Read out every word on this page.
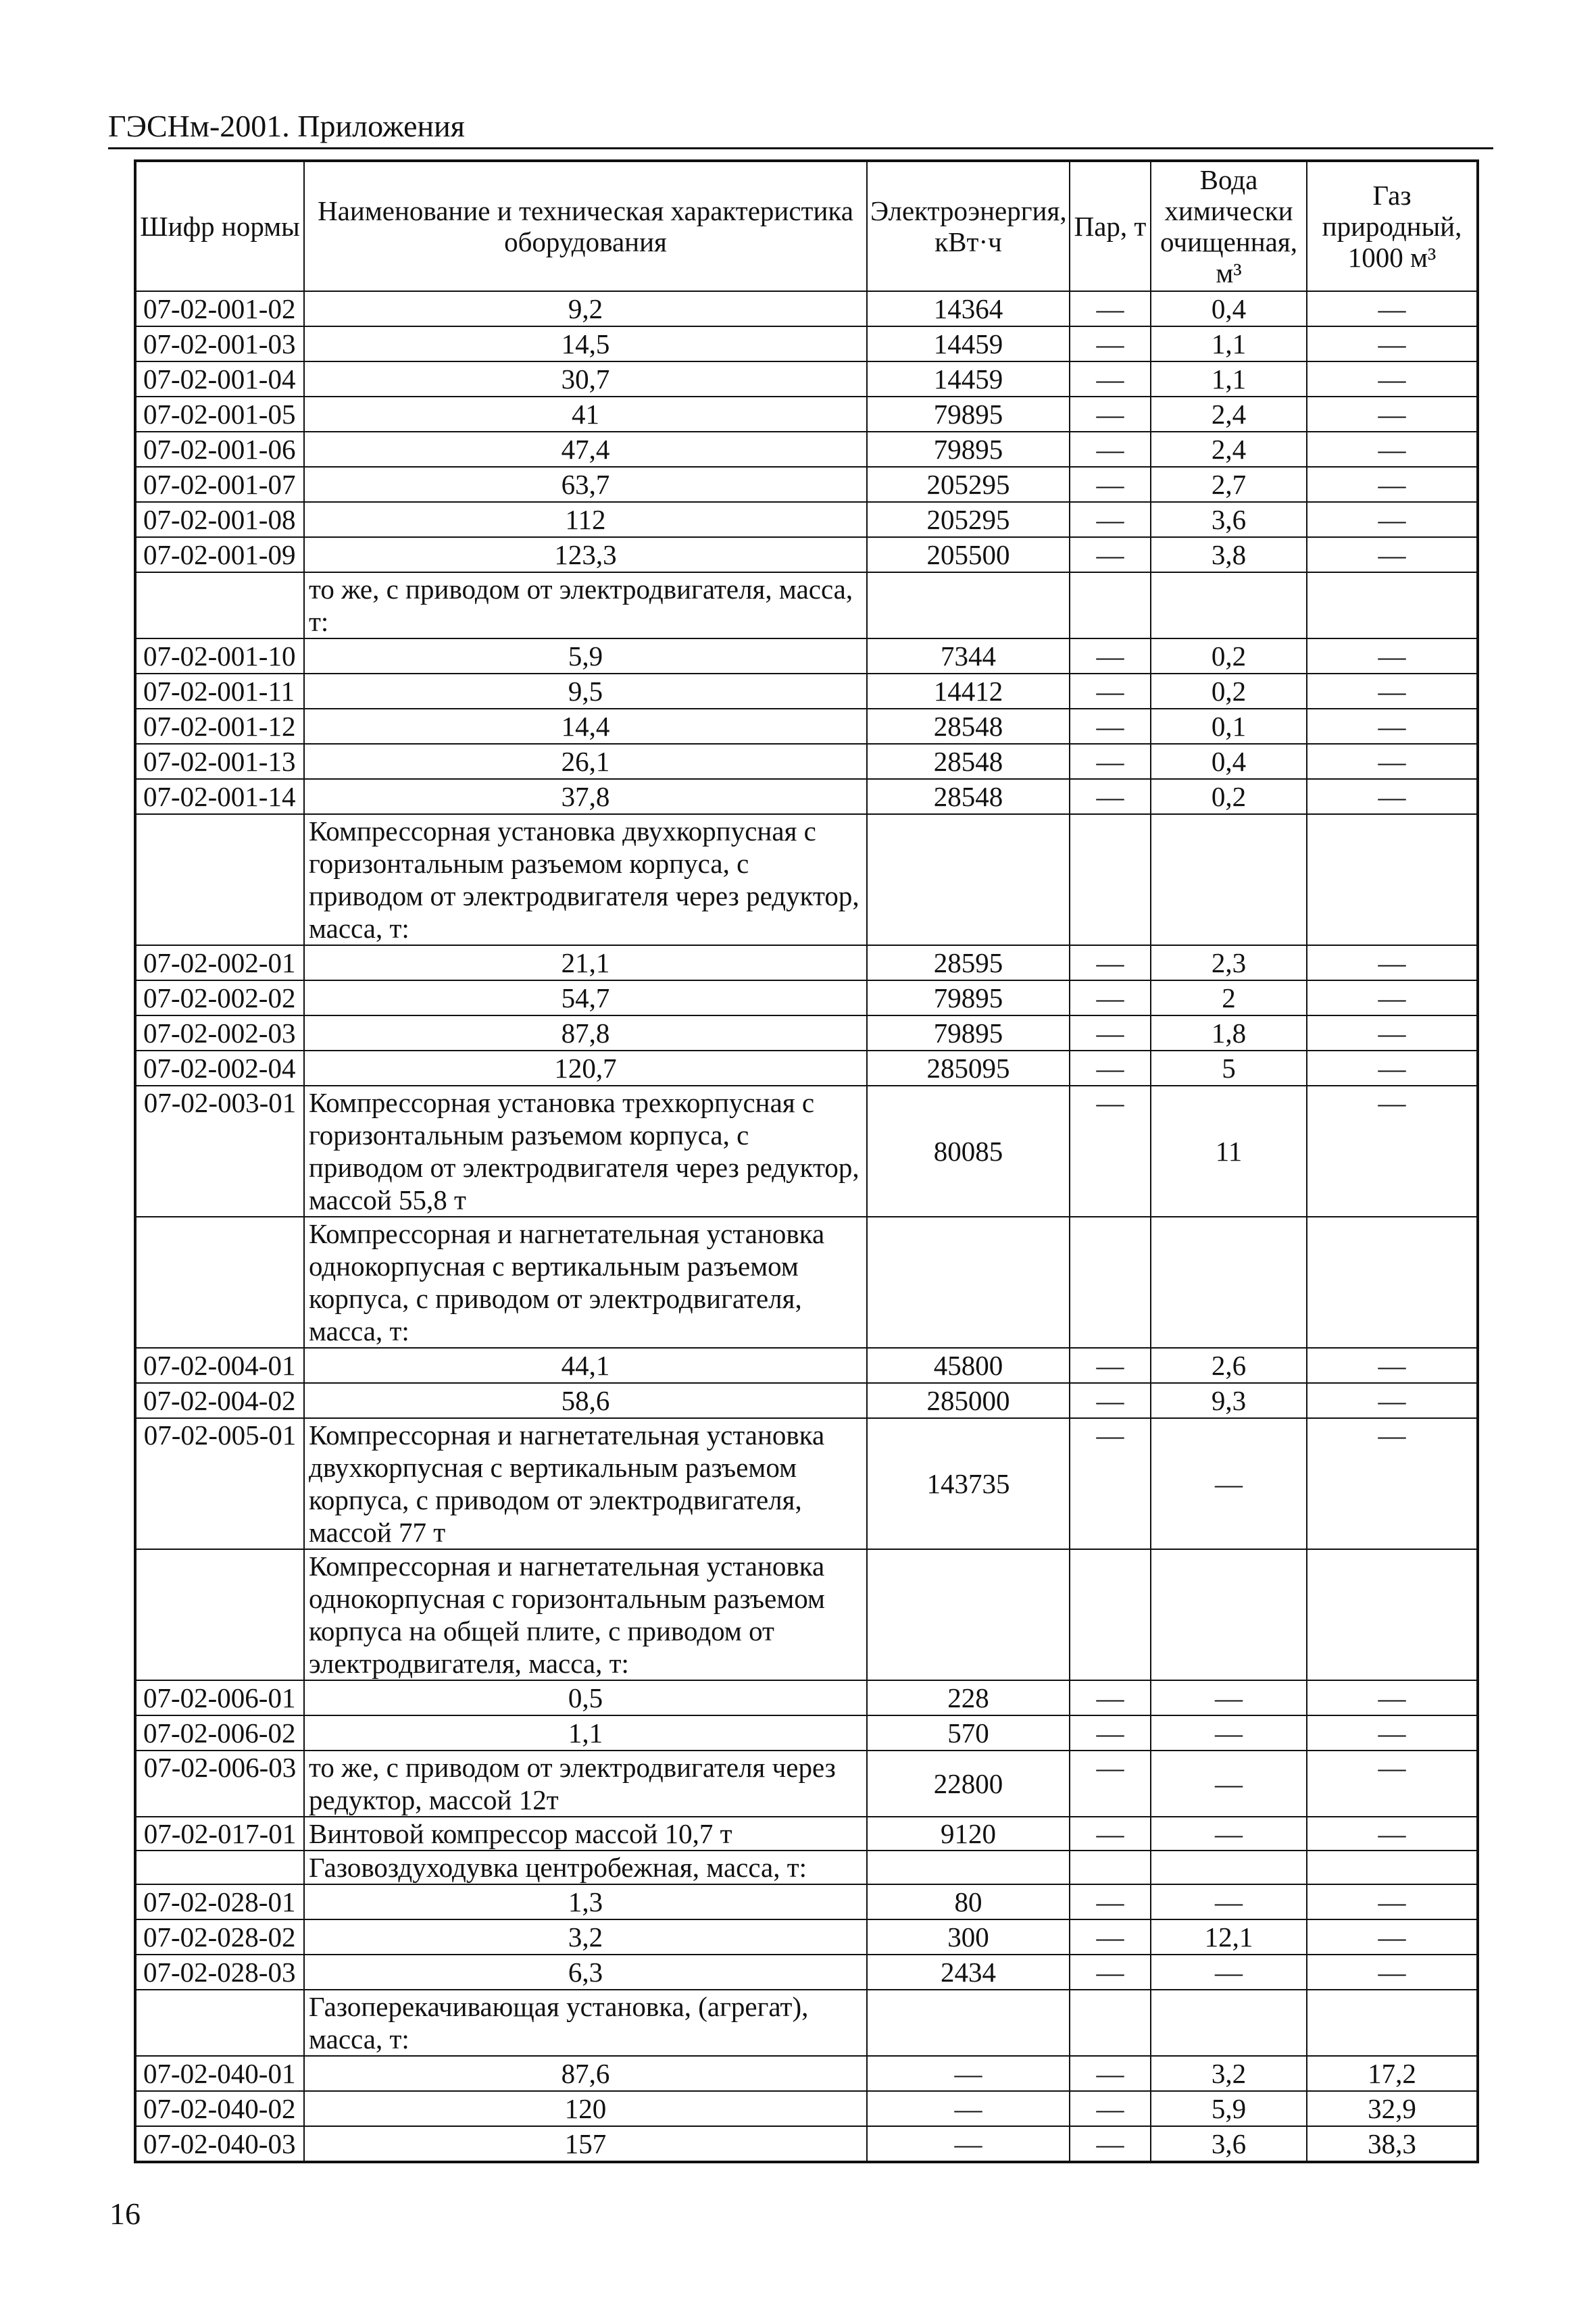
ГЭСНм-2001. Приложения
Шифр нормы	Наименование и техническая характеристика оборудования	Электроэнергия, кВт·ч	Пар, т	Вода химически очищенная, м³	Газ природный, 1000 м³
07-02-001-02	9,2	14364	—	0,4	—
07-02-001-03	14,5	14459	—	1,1	—
07-02-001-04	30,7	14459	—	1,1	—
07-02-001-05	41	79895	—	2,4	—
07-02-001-06	47,4	79895	—	2,4	—
07-02-001-07	63,7	205295	—	2,7	—
07-02-001-08	112	205295	—	3,6	—
07-02-001-09	123,3	205500	—	3,8	—
	то же, с приводом от электродвигателя, масса, т:				
07-02-001-10	5,9	7344	—	0,2	—
07-02-001-11	9,5	14412	—	0,2	—
07-02-001-12	14,4	28548	—	0,1	—
07-02-001-13	26,1	28548	—	0,4	—
07-02-001-14	37,8	28548	—	0,2	—
	Компрессорная установка двухкорпусная с горизонтальным разъемом корпуса, с приводом от электродвигателя через редуктор, масса, т:				
07-02-002-01	21,1	28595	—	2,3	—
07-02-002-02	54,7	79895	—	2	—
07-02-002-03	87,8	79895	—	1,8	—
07-02-002-04	120,7	285095	—	5	—
07-02-003-01	Компрессорная установка трехкорпусная с горизонтальным разъемом корпуса, с приводом от электродвигателя через редуктор, массой 55,8 т	80085	—	11	—
	Компрессорная и нагнетательная установка однокорпусная с вертикальным разъемом корпуса, с приводом от электродвигателя, масса, т:				
07-02-004-01	44,1	45800	—	2,6	—
07-02-004-02	58,6	285000	—	9,3	—
07-02-005-01	Компрессорная и нагнетательная установка двухкорпусная с вертикальным разъемом корпуса, с приводом от электродвигателя, массой 77 т	143735	—	—	—
	Компрессорная и нагнетательная установка однокорпусная с горизонтальным разъемом корпуса на общей плите, с приводом от электродвигателя, масса, т:				
07-02-006-01	0,5	228	—	—	—
07-02-006-02	1,1	570	—	—	—
07-02-006-03	то же, с приводом от электродвигателя через редуктор, массой 12т	22800	—	—	—
07-02-017-01	Винтовой компрессор массой 10,7 т	9120	—	—	—
	Газовоздуходувка центробежная, масса, т:				
07-02-028-01	1,3	80	—	—	—
07-02-028-02	3,2	300	—	12,1	—
07-02-028-03	6,3	2434	—	—	—
	Газоперекачивающая установка, (агрегат), масса, т:				
07-02-040-01	87,6	—	—	3,2	17,2
07-02-040-02	120	—	—	5,9	32,9
07-02-040-03	157	—	—	3,6	38,3
16
